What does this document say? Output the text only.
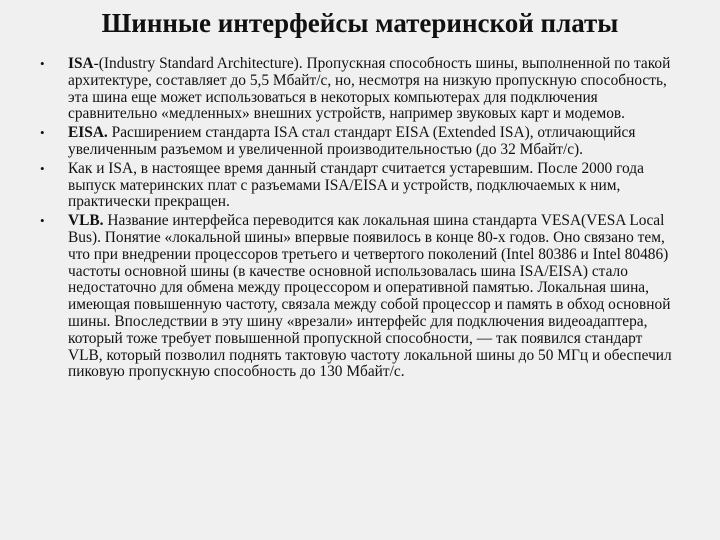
Шинные интерфейсы материнской платы
• ISA-(Industry Standard Architecture). Пропускная способность шины, выполненной по такой архитектуре, составляет до 5,5 Мбайт/с, но, несмотря на низкую пропускную способность, эта шина еще может использоваться в некоторых компьютерах для подключения сравнительно «медленных» внешних устройств, например звуковых карт и модемов.
• EISA. Расширением стандарта ISA стал стандарт EISA (Extended ISA), отличающийся увеличенным разъемом и увеличенной производительностью (до 32 Мбайт/с).
• Как и ISA, в настоящее время данный стандарт считается устаревшим. После 2000 года выпуск материнских плат с разъемами ISA/EISA и устройств, подключаемых к ним, практически прекращен.
• VLB. Название интерфейса переводится как локальная шина стандарта VESA(VESA Local Bus). Понятие «локальной шины» впервые появилось в конце 80-х годов. Оно связано тем, что при внедрении процессоров третьего и четвертого поколений (Intel 80386 и Intel 80486) частоты основной шины (в качестве основной использовалась шина ISA/EISA) стало недостаточно для обмена между процессором и оперативной памятью. Локальная шина, имеющая повышенную частоту, связала между собой процессор и память в обход основной шины. Впоследствии в эту шину «врезали» интерфейс для подключения видеоадаптера, который тоже требует повышенной пропускной способности, — так появился стандарт VLB, который позволил поднять тактовую частоту локальной шины до 50 МГц и обеспечил пиковую пропускную способность до 130 Мбайт/с.
